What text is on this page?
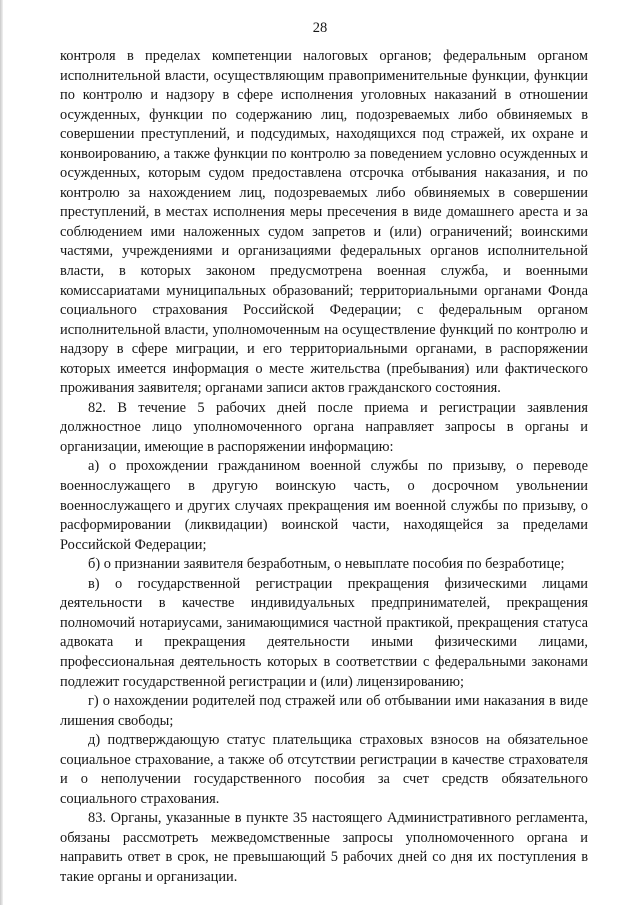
28

контроля в пределах компетенции налоговых органов; федеральным органом исполнительной власти, осуществляющим правоприменительные функции, функции по контролю и надзору в сфере исполнения уголовных наказаний в отношении осужденных, функции по содержанию лиц, подозреваемых либо обвиняемых в совершении преступлений, и подсудимых, находящихся под стражей, их охране и конвоированию, а также функции по контролю за поведением условно осужденных и осужденных, которым судом предоставлена отсрочка отбывания наказания, и по контролю за нахождением лиц, подозреваемых либо обвиняемых в совершении преступлений, в местах исполнения меры пресечения в виде домашнего ареста и за соблюдением ими наложенных судом запретов и (или) ограничений; воинскими частями, учреждениями и организациями федеральных органов исполнительной власти, в которых законом предусмотрена военная служба, и военными комиссариатами муниципальных образований; территориальными органами Фонда социального страхования Российской Федерации; с федеральным органом исполнительной власти, уполномоченным на осуществление функций по контролю и надзору в сфере миграции, и его территориальными органами, в распоряжении которых имеется информация о месте жительства (пребывания) или фактического проживания заявителя; органами записи актов гражданского состояния.

82. В течение 5 рабочих дней после приема и регистрации заявления должностное лицо уполномоченного органа направляет запросы в органы и организации, имеющие в распоряжении информацию:

а) о прохождении гражданином военной службы по призыву, о переводе военнослужащего в другую воинскую часть, о досрочном увольнении военнослужащего и других случаях прекращения им военной службы по призыву, о расформировании (ликвидации) воинской части, находящейся за пределами Российской Федерации;

б) о признании заявителя безработным, о невыплате пособия по безработице;

в) о государственной регистрации прекращения физическими лицами деятельности в качестве индивидуальных предпринимателей, прекращения полномочий нотариусами, занимающимися частной практикой, прекращения статуса адвоката и прекращения деятельности иными физическими лицами, профессиональная деятельность которых в соответствии с федеральными законами подлежит государственной регистрации и (или) лицензированию;

г) о нахождении родителей под стражей или об отбывании ими наказания в виде лишения свободы;

д) подтверждающую статус плательщика страховых взносов на обязательное социальное страхование, а также об отсутствии регистрации в качестве страхователя и о неполучении государственного пособия за счет средств обязательного социального страхования.

83. Органы, указанные в пункте 35 настоящего Административного регламента, обязаны рассмотреть межведомственные запросы уполномоченного органа и направить ответ в срок, не превышающий 5 рабочих дней со дня их поступления в такие органы и организации.
